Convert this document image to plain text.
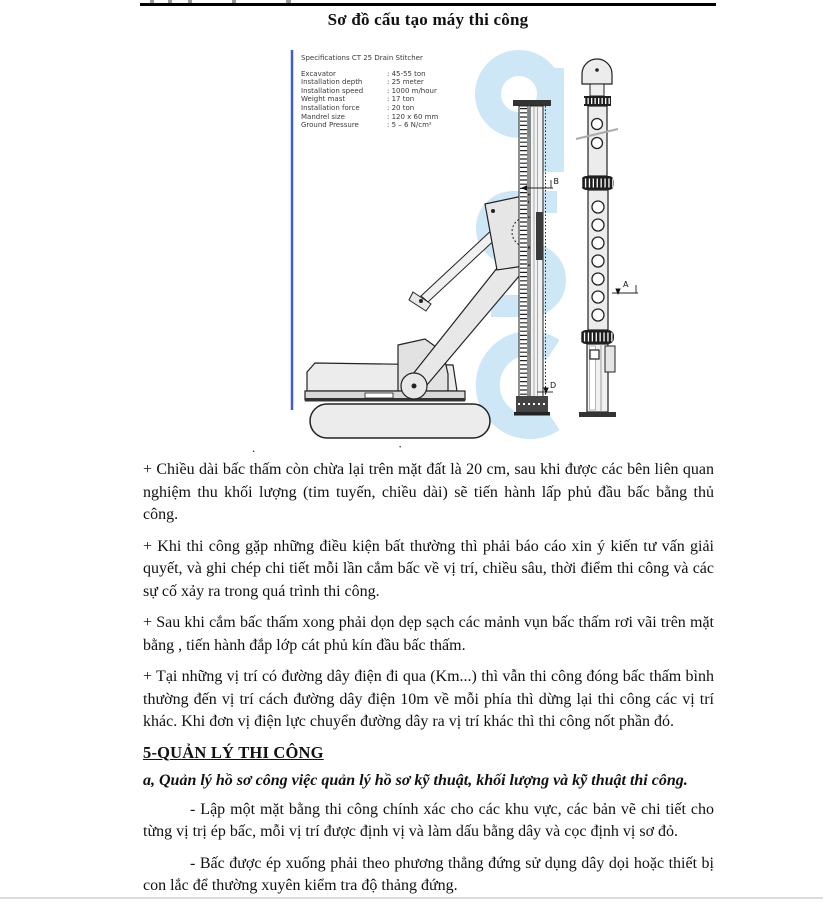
Sơ đồ cấu tạo máy thi công
B
A
D
Specifications CT 25 Drain Stitcher
Excavator	: 45-55 ton
Installation depth	: 25 meter
Installation speed	: 1000 m/hour
Weight mast	: 17 ton
Installation force	: 20 ton
Mandrel size	: 120 x 60 mm
Ground Pressure	: 5 – 6 N/cm²
.	·

+ Chiều dài bấc thấm còn chừa lại trên mặt đất là 20 cm, sau khi được các bên liên quan nghiệm thu khối lượng (tim tuyến, chiều dài) sẽ tiến hành lấp phủ đầu bấc bằng thủ công.

+ Khi thi công gặp những điều kiện bất thường thì phải báo cáo xin ý kiến tư vấn giải quyết, và ghi chép chi tiết mỗi lần cắm bấc về vị trí, chiều sâu, thời điểm thi công và các sự cố xảy ra trong quá trình thi công.

+ Sau khi cắm bấc thấm xong phải dọn dẹp sạch các mảnh vụn bấc thấm rơi vãi trên mặt bằng , tiến hành đắp lớp cát phủ kín đầu bấc thấm.

+ Tại những vị trí có đường dây điện đi qua (Km...) thì vẫn thi công đóng bấc thấm bình thường đến vị trí cách đường dây điện 10m về mỗi phía thì dừng lại thi công các vị trí khác. Khi đơn vị điện lực chuyển đường dây ra vị trí khác thì thi công nốt phần đó.

5-QUẢN LÝ THI CÔNG
a, Quản lý hồ sơ công việc quản lý hồ sơ kỹ thuật, khối lượng và kỹ thuật thi công.

- Lập một mặt bằng thi công chính xác cho các khu vực, các bản vẽ chi tiết cho từng vị trị ép bấc, mỗi vị trí được định vị và làm dấu bằng dây và cọc định vị sơ đỏ.

- Bấc được ép xuống phải theo phương thẳng đứng sử dụng dây dọi hoặc thiết bị con lắc để thường xuyên kiểm tra độ thảng đứng.
